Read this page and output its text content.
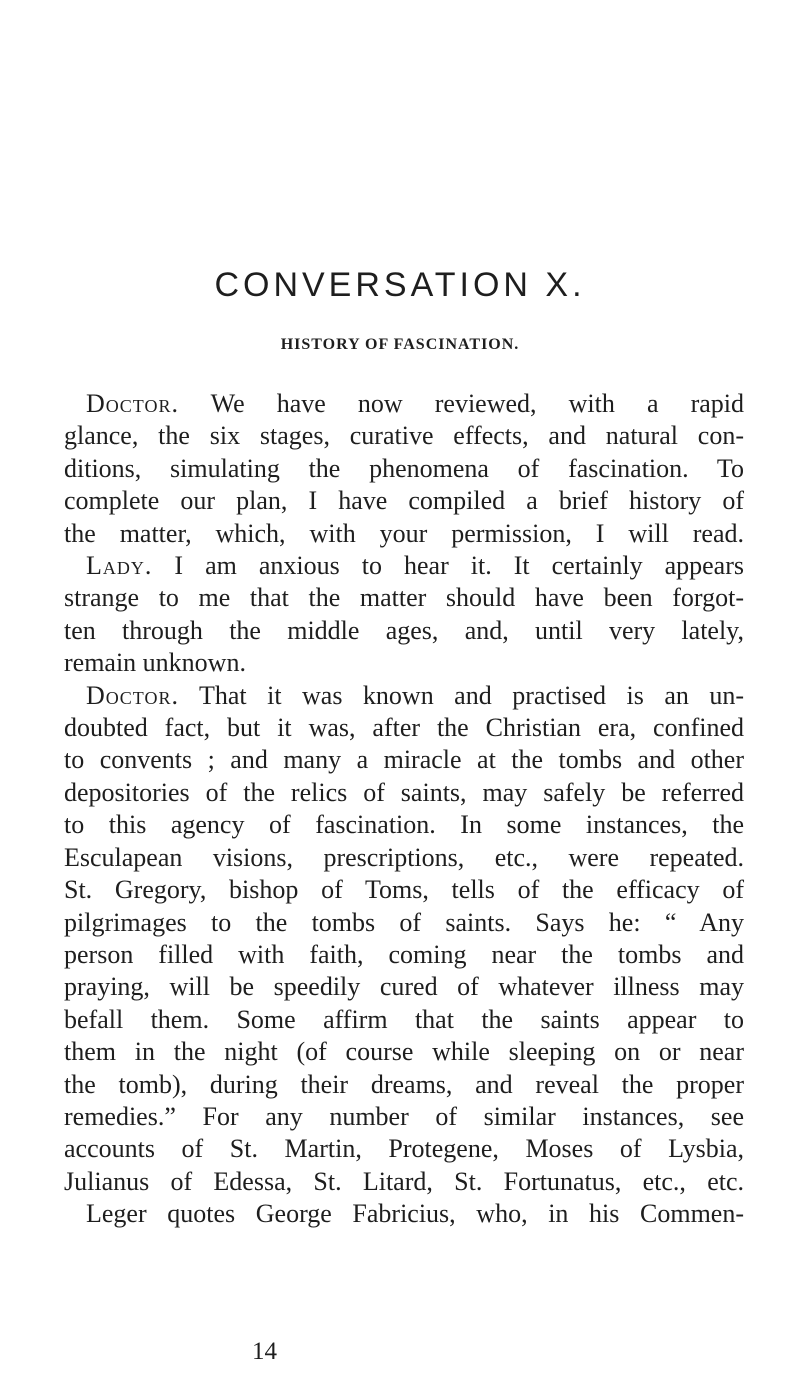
CONVERSATION X.
HISTORY OF FASCINATION.
Doctor. We have now reviewed, with a rapid
glance, the six stages, curative effects, and natural con-
ditions, simulating the phenomena of fascination. To
complete our plan, I have compiled a brief history of
the matter, which, with your permission, I will read.
Lady. I am anxious to hear it. It certainly appears
strange to me that the matter should have been forgot-
ten through the middle ages, and, until very lately,
remain unknown.
Doctor. That it was known and practised is an un-
doubted fact, but it was, after the Christian era, confined
to convents ; and many a miracle at the tombs and other
depositories of the relics of saints, may safely be referred
to this agency of fascination. In some instances, the
Esculapean visions, prescriptions, etc., were repeated.
St. Gregory, bishop of Toms, tells of the efficacy of
pilgrimages to the tombs of saints. Says he: “ Any
person filled with faith, coming near the tombs and
praying, will be speedily cured of whatever illness may
befall them. Some affirm that the saints appear to
them in the night (of course while sleeping on or near
the tomb), during their dreams, and reveal the proper
remedies.” For any number of similar instances, see
accounts of St. Martin, Protegene, Moses of Lysbia,
Julianus of Edessa, St. Litard, St. Fortunatus, etc., etc.
Leger quotes George Fabricius, who, in his Commen-
14
